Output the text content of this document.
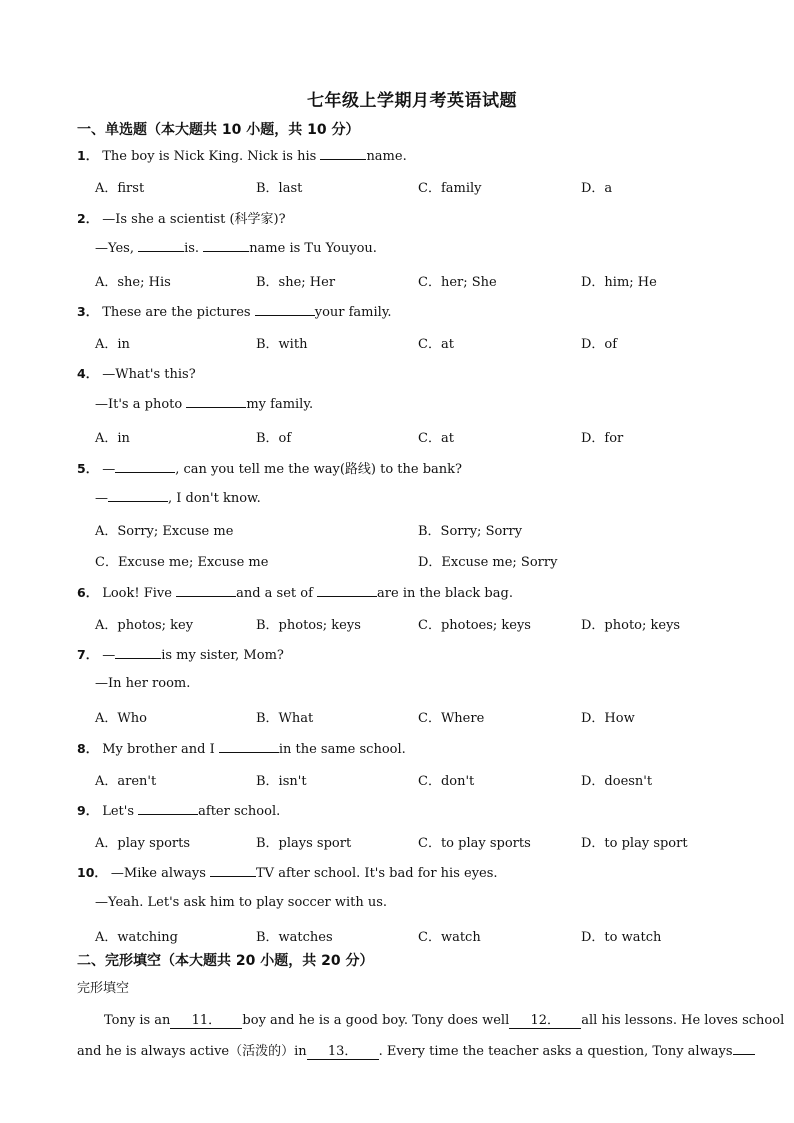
七年级上学期月考英语试题
一、单选题（本大题共 10 小题，共 10 分）
1． The boy is Nick King. Nick is his	name.
A．first	B．last	C．family	D．a
2． —Is she a scientist (科学家)?
—Yes,	is.	name is Tu Youyou.
A．she; His	B．she; Her	C．her; She	D．him; He
3． These are the pictures	your family.
A．in	B．with	C．at	D．of
4． —What's this?
—It's a photo	my family.
A．in	B．of	C．at	D．for
5． —	, can you tell me the way(路线) to the bank?
—	, I don't know.
A．Sorry; Excuse me	B．Sorry; Sorry
C．Excuse me; Excuse me	D．Excuse me; Sorry
6． Look! Five	and a set of	are in the black bag.
A．photos; key	B．photos; keys	C．photoes; keys	D．photo; keys
7． —	is my sister, Mom?
—In her room.
A．Who	B．What	C．Where	D．How
8． My brother and I	in the same school.
A．aren't	B．isn't	C．don't	D．doesn't
9． Let's	after school.
A．play sports	B．plays sport	C．to play sports	D．to play sport
10． —Mike always	TV after school. It's bad for his eyes.
—Yeah. Let's ask him to play soccer with us.
A．watching	B．watches	C．watch	D．to watch
二、完形填空（本大题共 20 小题，共 20 分）
完形填空
Tony is an 11． boy and he is a good boy. Tony does well 12． all his lessons. He loves school
and he is always active（活泼的）in 13． . Every time the teacher asks a question, Tony always
